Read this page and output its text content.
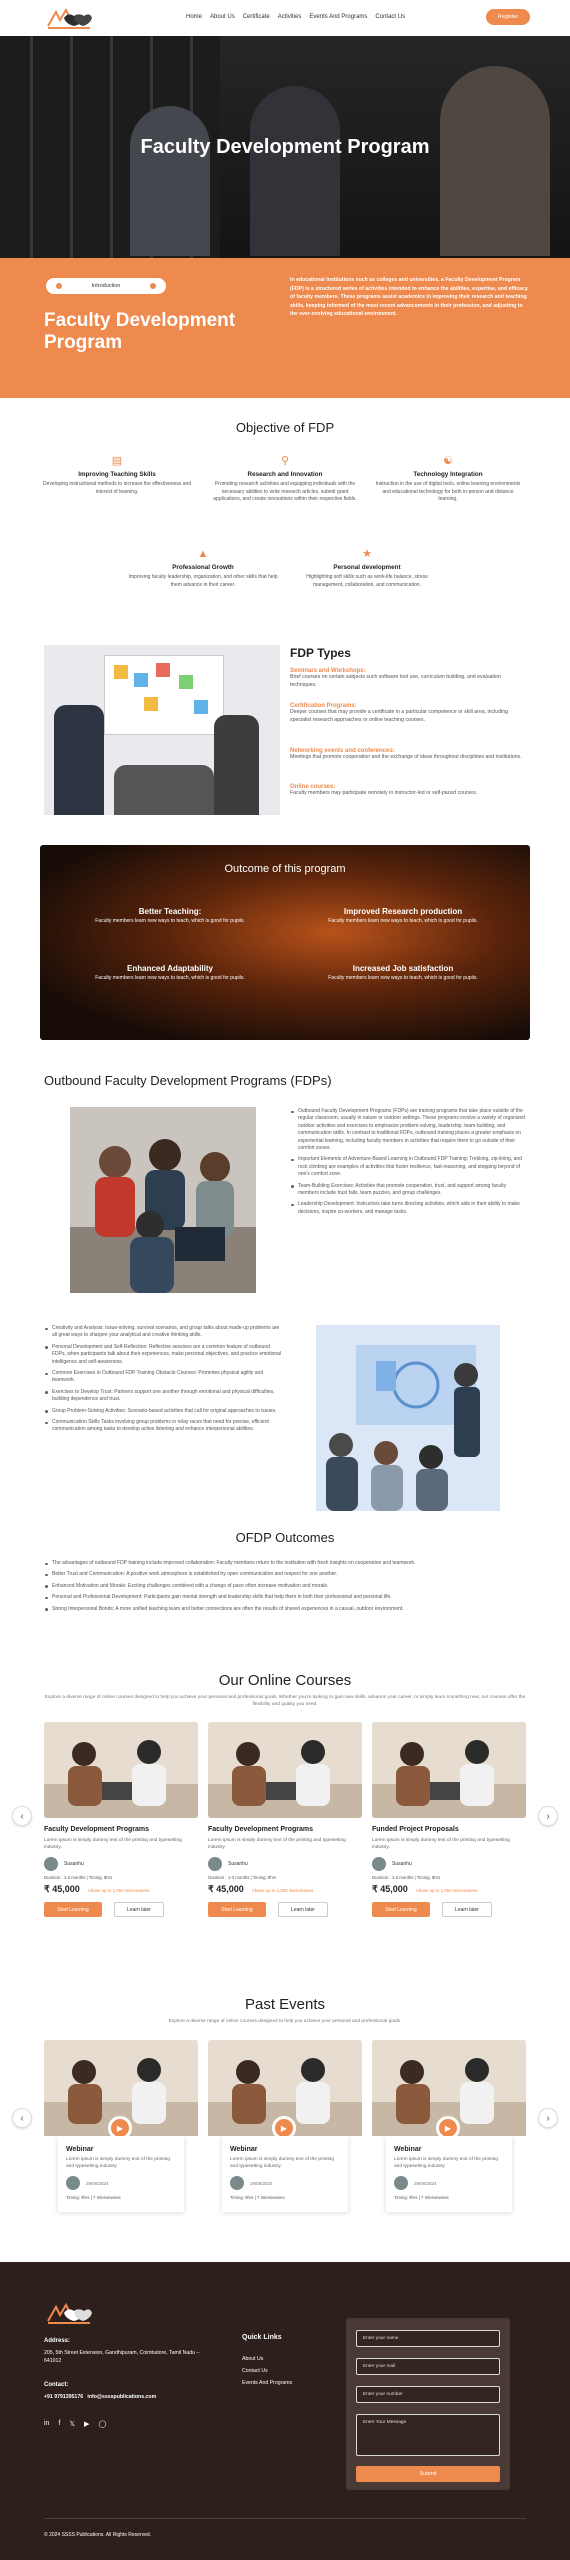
Home About Us Certificate Activities Events And Programs Contact Us	Register
Faculty Development Program
Introduction
Faculty Development Program

In educational institutions such as colleges and universities, a Faculty Development Program (FDP) is a structured series of activities intended to enhance the abilities, expertise, and efficacy of faculty members. These programs assist academics in improving their research and teaching skills, keeping informed of the most recent advancements in their profession, and adjusting to the ever-evolving educational environment.

Objective of FDP
▤
Improving Teaching Skills

Developing instructional methods to increase the effectiveness and interest of learning.

⚲
Research and Innovation

Promoting research activities and equipping individuals with the necessary abilities to write research articles, submit grant applications, and create innovations within their respective fields.

☯
Technology Integration

Instruction in the use of digital tools, online learning environments and educational technology for both in-person and distance learning.

▲
Professional Growth

Improving faculty leadership, organization, and other skills that help them advance in their career.

★
Personal development

Highlighting soft skills such as work-life balance, stress management, collaboration, and communication.

FDP Types
Seminars and Workshops:
Brief courses on certain subjects such software tool use, curriculum building, and evaluation techniques.
Certification Programs:
Deeper courses that may provide a certificate in a particular competence or skill area, including specialist research approaches or online teaching courses.
Networking events and conferences:
Meetings that promote cooperation and the exchange of ideas throughout disciplines and institutions.
Online courses:
Faculty members may participate remotely in instructor-led or self-paced courses.
Outcome of this program
Better Teaching:
Faculty members learn new ways to teach, which is good for pupils.
Improved Research production
Faculty members learn new ways to teach, which is good for pupils.
Enhanced Adaptability
Faculty members learn new ways to teach, which is good for pupils.
Increased Job satisfaction
Faculty members learn new ways to teach, which is good for pupils.
Outbound Faculty Development Programs (FDPs)
Outbound Faculty Development Programs (FDPs) are training programs that take place outside of the regular classroom, usually in nature or outdoor settings. These programs involve a variety of organized outdoor activities and exercises to emphasize problem-solving, leadership, team-building, and communication skills. In contrast to traditional FDPs, outbound training places a greater emphasis on experiential learning, including faculty members in activities that require them to go outside of their comfort zones.
Important Elements of Adventure-Based Learning in Outbound FDP Training: Trekking, zip-lining, and rock climbing are examples of activities that foster resilience, fast-reasoning, and stepping beyond of one's comfort zone.
Team-Building Exercises: Activities that promote cooperation, trust, and support among faculty members include trust falls, team puzzles, and group challenges.
Leadership Development: Instructors take turns directing activities, which aids in their ability to make decisions, inspire co-workers, and manage tasks.
Creativity and Analysis: Issue-solving, survival scenarios, and group talks about made-up problems are all great ways to sharpen your analytical and creative thinking skills.
Personal Development and Self-Reflection: Reflective sessions are a common feature of outbound FDPs, when participants talk about their experiences, make personal objectives, and practice emotional intelligence and self-awareness.
Common Exercises in Outbound FDP Training Obstacle Courses: Promotes physical agility and teamwork.
Exercises to Develop Trust: Partners support one another through emotional and physical difficulties, building dependence and trust.
Group Problem-Solving Activities: Scenario-based activities that call for original approaches to issues.
Communication Skills Tasks involving group problems in relay races that need for precise, efficient communication among tasks to develop active listening and enhance interpersonal abilities.
OFDP Outcomes
The advantages of outbound FDP training include improved collaboration: Faculty members return to the institution with fresh insights on cooperation and teamwork.
Better Trust and Communication: A positive work atmosphere is established by open communication and respect for one another.
Enhanced Motivation and Morale: Exciting challenges combined with a change of pace often increase motivation and morale.
Personal and Professional Development: Participants gain mental strength and leadership skills that help them in both their professional and personal life.
Strong Interpersonal Bonds: A more unified teaching team and better connections are often the results of shared experiences in a casual, outdoor environment.
Our Online Courses
Explore a diverse range of online courses designed to help you achieve your personal and professional goals. Whether you're looking to gain new skills, advance your career, or simply learn something new, our courses offer the flexibility and quality you need.
‹	›
Faculty Development Programs

Lorem ipsum is simply dummy text of the printing and typesetting industry.

Susanhu
Duration : 1-3 months | Timing: 9hrs
₹ 45,000 Allows up to 1,000 interviewees
Start Learning	Learn later
Faculty Development Programs

Lorem ipsum is simply dummy text of the printing and typesetting industry.

Susanhu
Duration : 1-3 months | Timing: 9hrs
₹ 45,000 Allows up to 1,000 interviewees
Start Learning	Learn later
Funded Project Proposals

Lorem ipsum is simply dummy text of the printing and typesetting industry.

Susanhu
Duration : 1-3 months | Timing: 9hrs
₹ 45,000 Allows up to 1,000 interviewees
Start Learning	Learn later
Past Events
Explore a diverse range of online courses designed to help you achieve your personal and professional goals.
‹	›
▶
Webinar

Lorem ipsum is simply dummy text of the printing and typesetting industry.

29/08/2024
Timing: 9hrs | 7 Interviewees
▶
Webinar

Lorem ipsum is simply dummy text of the printing and typesetting industry.

29/08/2024
Timing: 9hrs | 7 Interviewees
▶
Webinar

Lorem ipsum is simply dummy text of the printing and typesetting industry.

29/08/2024
Timing: 9hrs | 7 Interviewees
Address:
205, 5th Street Extension, Gandhipuram, Coimbatore, Tamil Nadu – 641012
Contact:
+91 9791395176 info@sssspublications.com
Quick Links
About Us
Contact Us
Events And Programs
in f 𝕏 ▶ ◯
Enter your name
Enter your mail
Enter your number
Enter Your Message
Submit
© 2024 SSSS Publications. All Rights Reserved.
